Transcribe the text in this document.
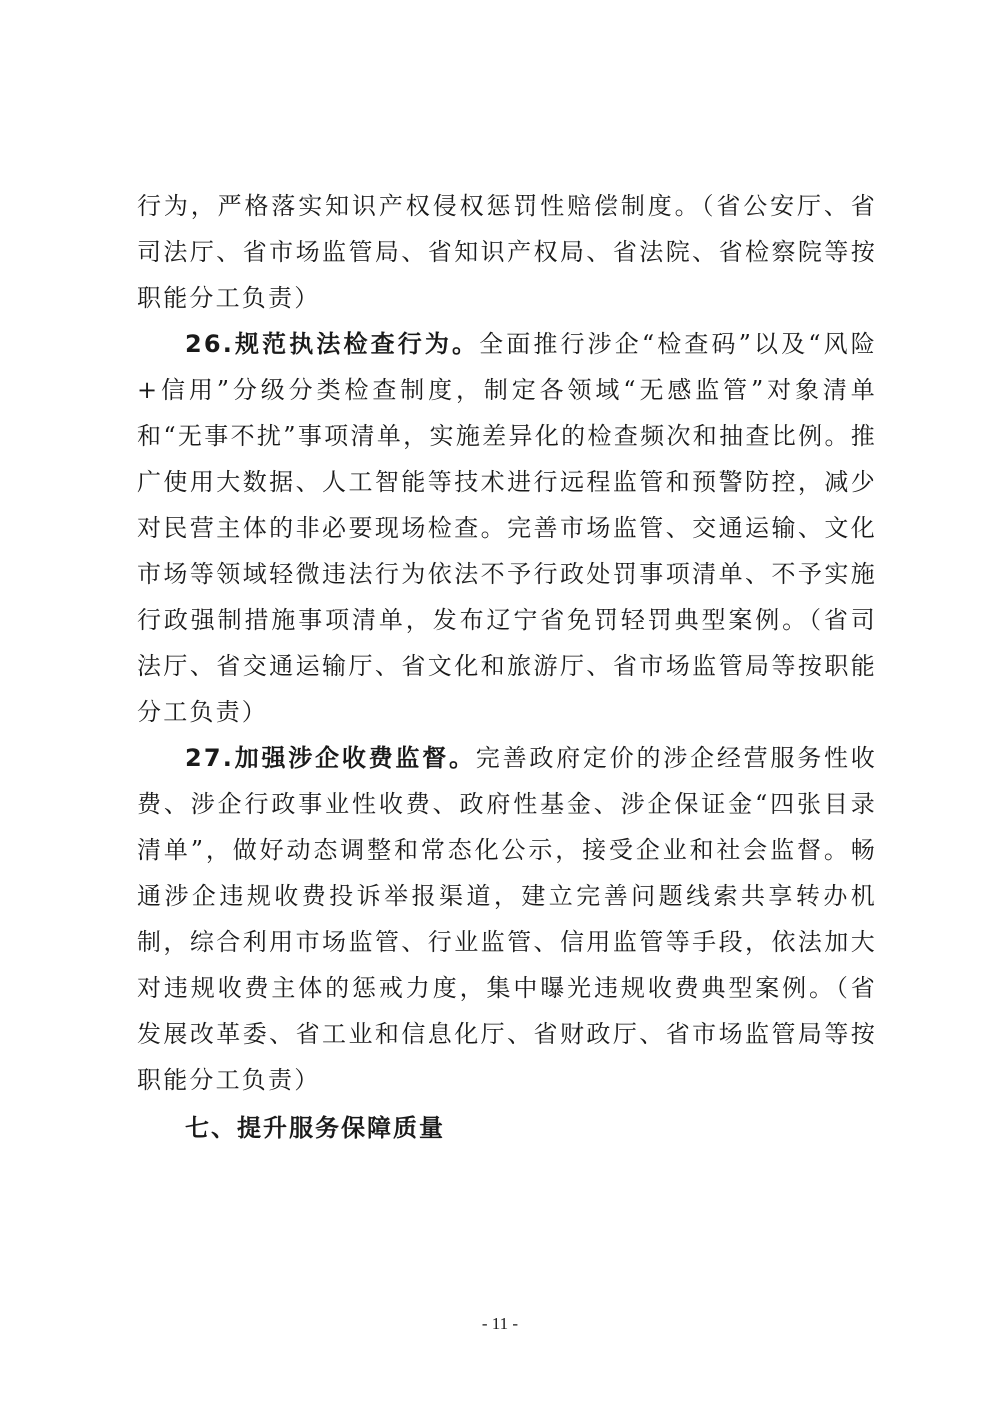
行为，严格落实知识产权侵权惩罚性赔偿制度。（省公安厅、省司法厅、省市场监管局、省知识产权局、省法院、省检察院等按职能分工负责）

26.规范执法检查行为。全面推行涉企“检查码”以及“风险+信用”分级分类检查制度，制定各领域“无感监管”对象清单和“无事不扰”事项清单，实施差异化的检查频次和抽查比例。推广使用大数据、人工智能等技术进行远程监管和预警防控，减少对民营主体的非必要现场检查。完善市场监管、交通运输、文化市场等领域轻微违法行为依法不予行政处罚事项清单、不予实施行政强制措施事项清单，发布辽宁省免罚轻罚典型案例。（省司法厅、省交通运输厅、省文化和旅游厅、省市场监管局等按职能分工负责）

27.加强涉企收费监督。完善政府定价的涉企经营服务性收费、涉企行政事业性收费、政府性基金、涉企保证金“四张目录清单”，做好动态调整和常态化公示，接受企业和社会监督。畅通涉企违规收费投诉举报渠道，建立完善问题线索共享转办机制，综合利用市场监管、行业监管、信用监管等手段，依法加大对违规收费主体的惩戒力度，集中曝光违规收费典型案例。（省发展改革委、省工业和信息化厅、省财政厅、省市场监管局等按职能分工负责）

七、提升服务保障质量

- 11 -
